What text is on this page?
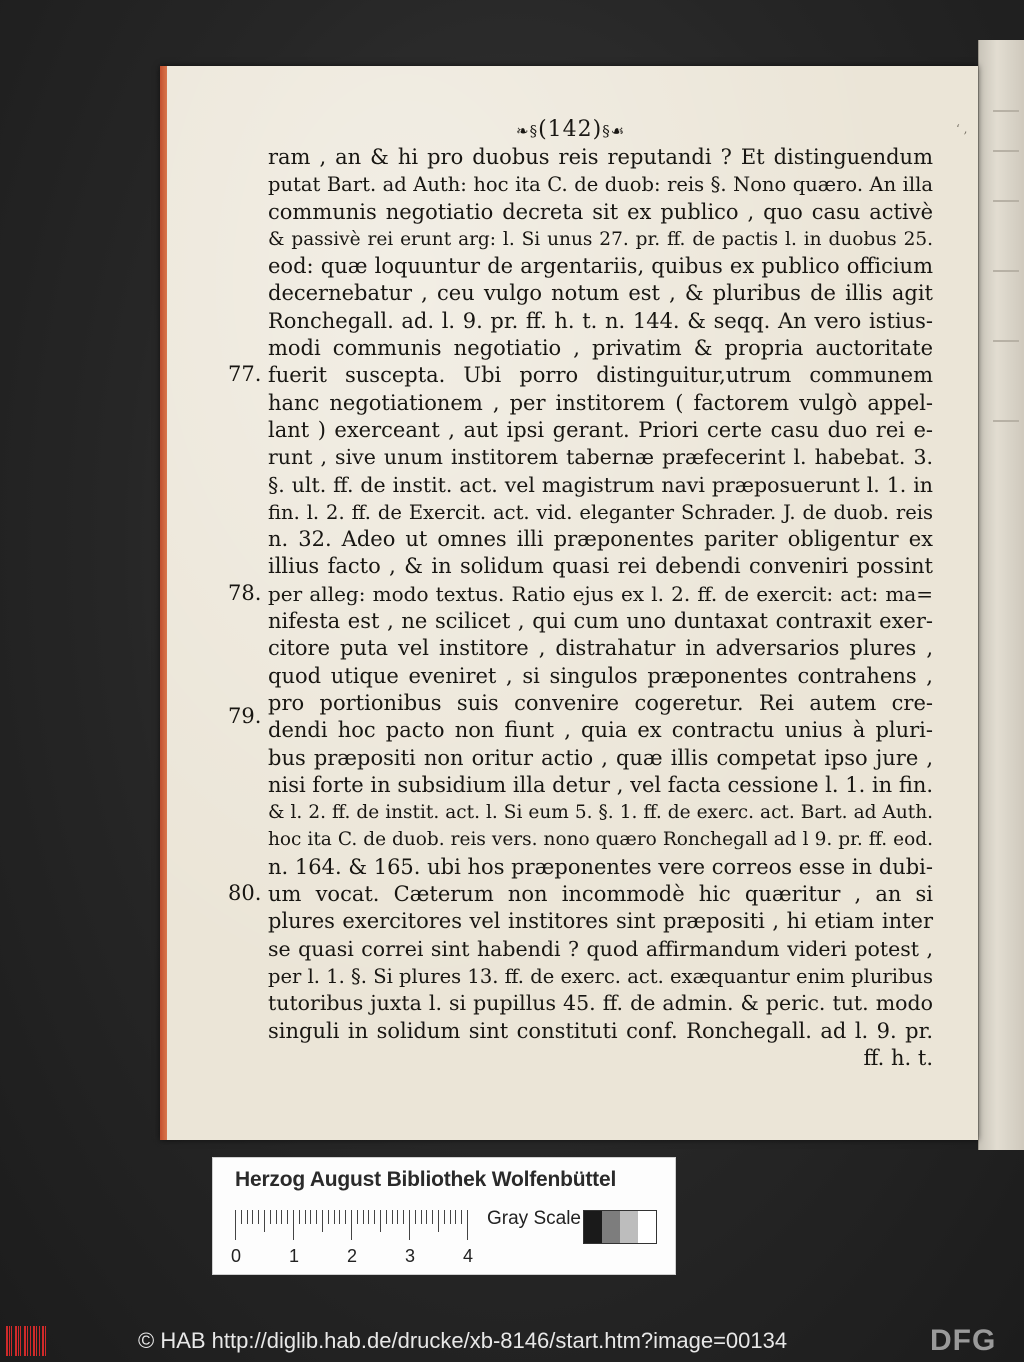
❧§(142)§☙	‘ ,
77.
78.
79.
80.
ram , an & hi pro duobus reis reputandi ? Et distinguendum
putat Bart. ad Auth: hoc ita C. de duob: reis §. Nono quæro. An illa
communis negotiatio decreta sit ex publico , quo casu activè
& passivè rei erunt arg: l. Si unus 27. pr. ff. de pactis l. in duobus 25.
eod: quæ loquuntur de argentariis, quibus ex publico officium
decernebatur , ceu vulgo notum est , & pluribus de illis agit
Ronchegall. ad. l. 9. pr. ff. h. t. n. 144. & seqq. An vero istius-
modi communis negotiatio , privatim & propria auctoritate
fuerit suscepta. Ubi porro distinguitur,utrum communem
hanc negotiationem , per institorem ( factorem vulgò appel-
lant ) exerceant , aut ipsi gerant. Priori certe casu duo rei e-
runt , sive unum institorem tabernæ præfecerint l. habebat. 3.
§. ult. ff. de instit. act. vel magistrum navi præposuerunt l. 1. in
fin. l. 2. ff. de Exercit. act. vid. eleganter Schrader. J. de duob. reis
n. 32. Adeo ut omnes illi præponentes pariter obligentur ex
illius facto , & in solidum quasi rei debendi conveniri possint
per alleg: modo textus. Ratio ejus ex l. 2. ff. de exercit: act: ma=
nifesta est , ne scilicet , qui cum uno duntaxat contraxit exer-
citore puta vel institore , distrahatur in adversarios plures ,
quod utique eveniret , si singulos præponentes contrahens ,
pro portionibus suis convenire cogeretur. Rei autem cre-
dendi hoc pacto non fiunt , quia ex contractu unius à pluri-
bus præpositi non oritur actio , quæ illis competat ipso jure ,
nisi forte in subsidium illa detur , vel facta cessione l. 1. in fin.
& l. 2. ff. de instit. act. l. Si eum 5. §. 1. ff. de exerc. act. Bart. ad Auth.
hoc ita C. de duob. reis vers. nono quæro Ronchegall ad l 9. pr. ff. eod.
n. 164. & 165. ubi hos præponentes vere correos esse in dubi-
um vocat. Cæterum non incommodè hic quæritur , an si
plures exercitores vel institores sint præpositi , hi etiam inter
se quasi correi sint habendi ? quod affirmandum videri potest ,
per l. 1. §. Si plures 13. ff. de exerc. act. exæquantur enim pluribus
tutoribus juxta l. si pupillus 45. ff. de admin. & peric. tut. modo
singuli in solidum sint constituti conf. Ronchegall. ad l. 9. pr.
ff. h. t.
Herzog August Bibliothek Wolfenbüttel
0	1	2	3	4
Gray Scale
© HAB http://diglib.hab.de/drucke/xb-8146/start.htm?image=00134	DFG
